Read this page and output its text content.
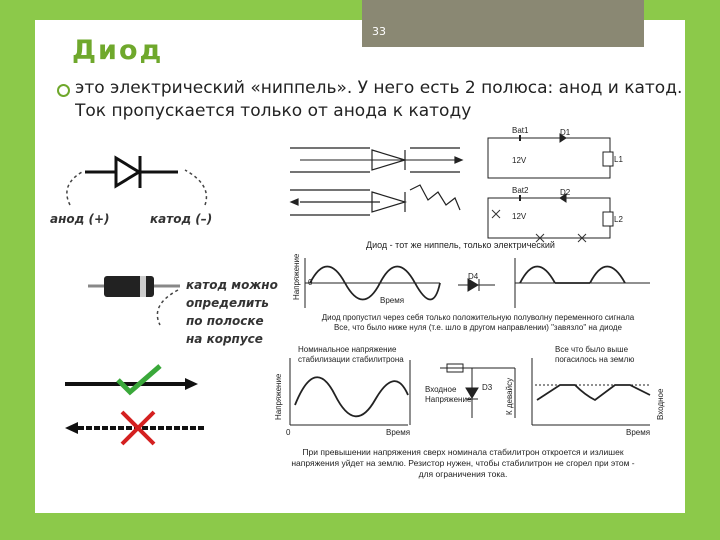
33
Диод
это электрический «ниппель». У него есть 2 полюса: анод и катод. Ток пропускается только от анода к катоду
анод (+)	катод (–)
катод можно
определить
по полоске
на корпусе
Bat1
12V
D1
L1
Bat2
12V
D2
L2
Диод - тот же ниппель, только электрический
Напряжение 0
Время
D4
Диод пропустил через себя только положительную полуволну переменного сигнала
Все, что было ниже нуля (т.е. шло в другом направлении) "завязло" на диоде
Номинальное напряжение
стабилизации стабилитрона
Все что было выше
погасилось на землю
Входное
Напряжение
D3 К девайсу	Входное
Напряжение
0	Время	Время
При превышении напряжения сверх номинала стабилитрон откроется и излишек
напряжения уйдет на землю. Резистор нужен, чтобы стабилитрон не сгорел при этом -
для ограничения тока.
